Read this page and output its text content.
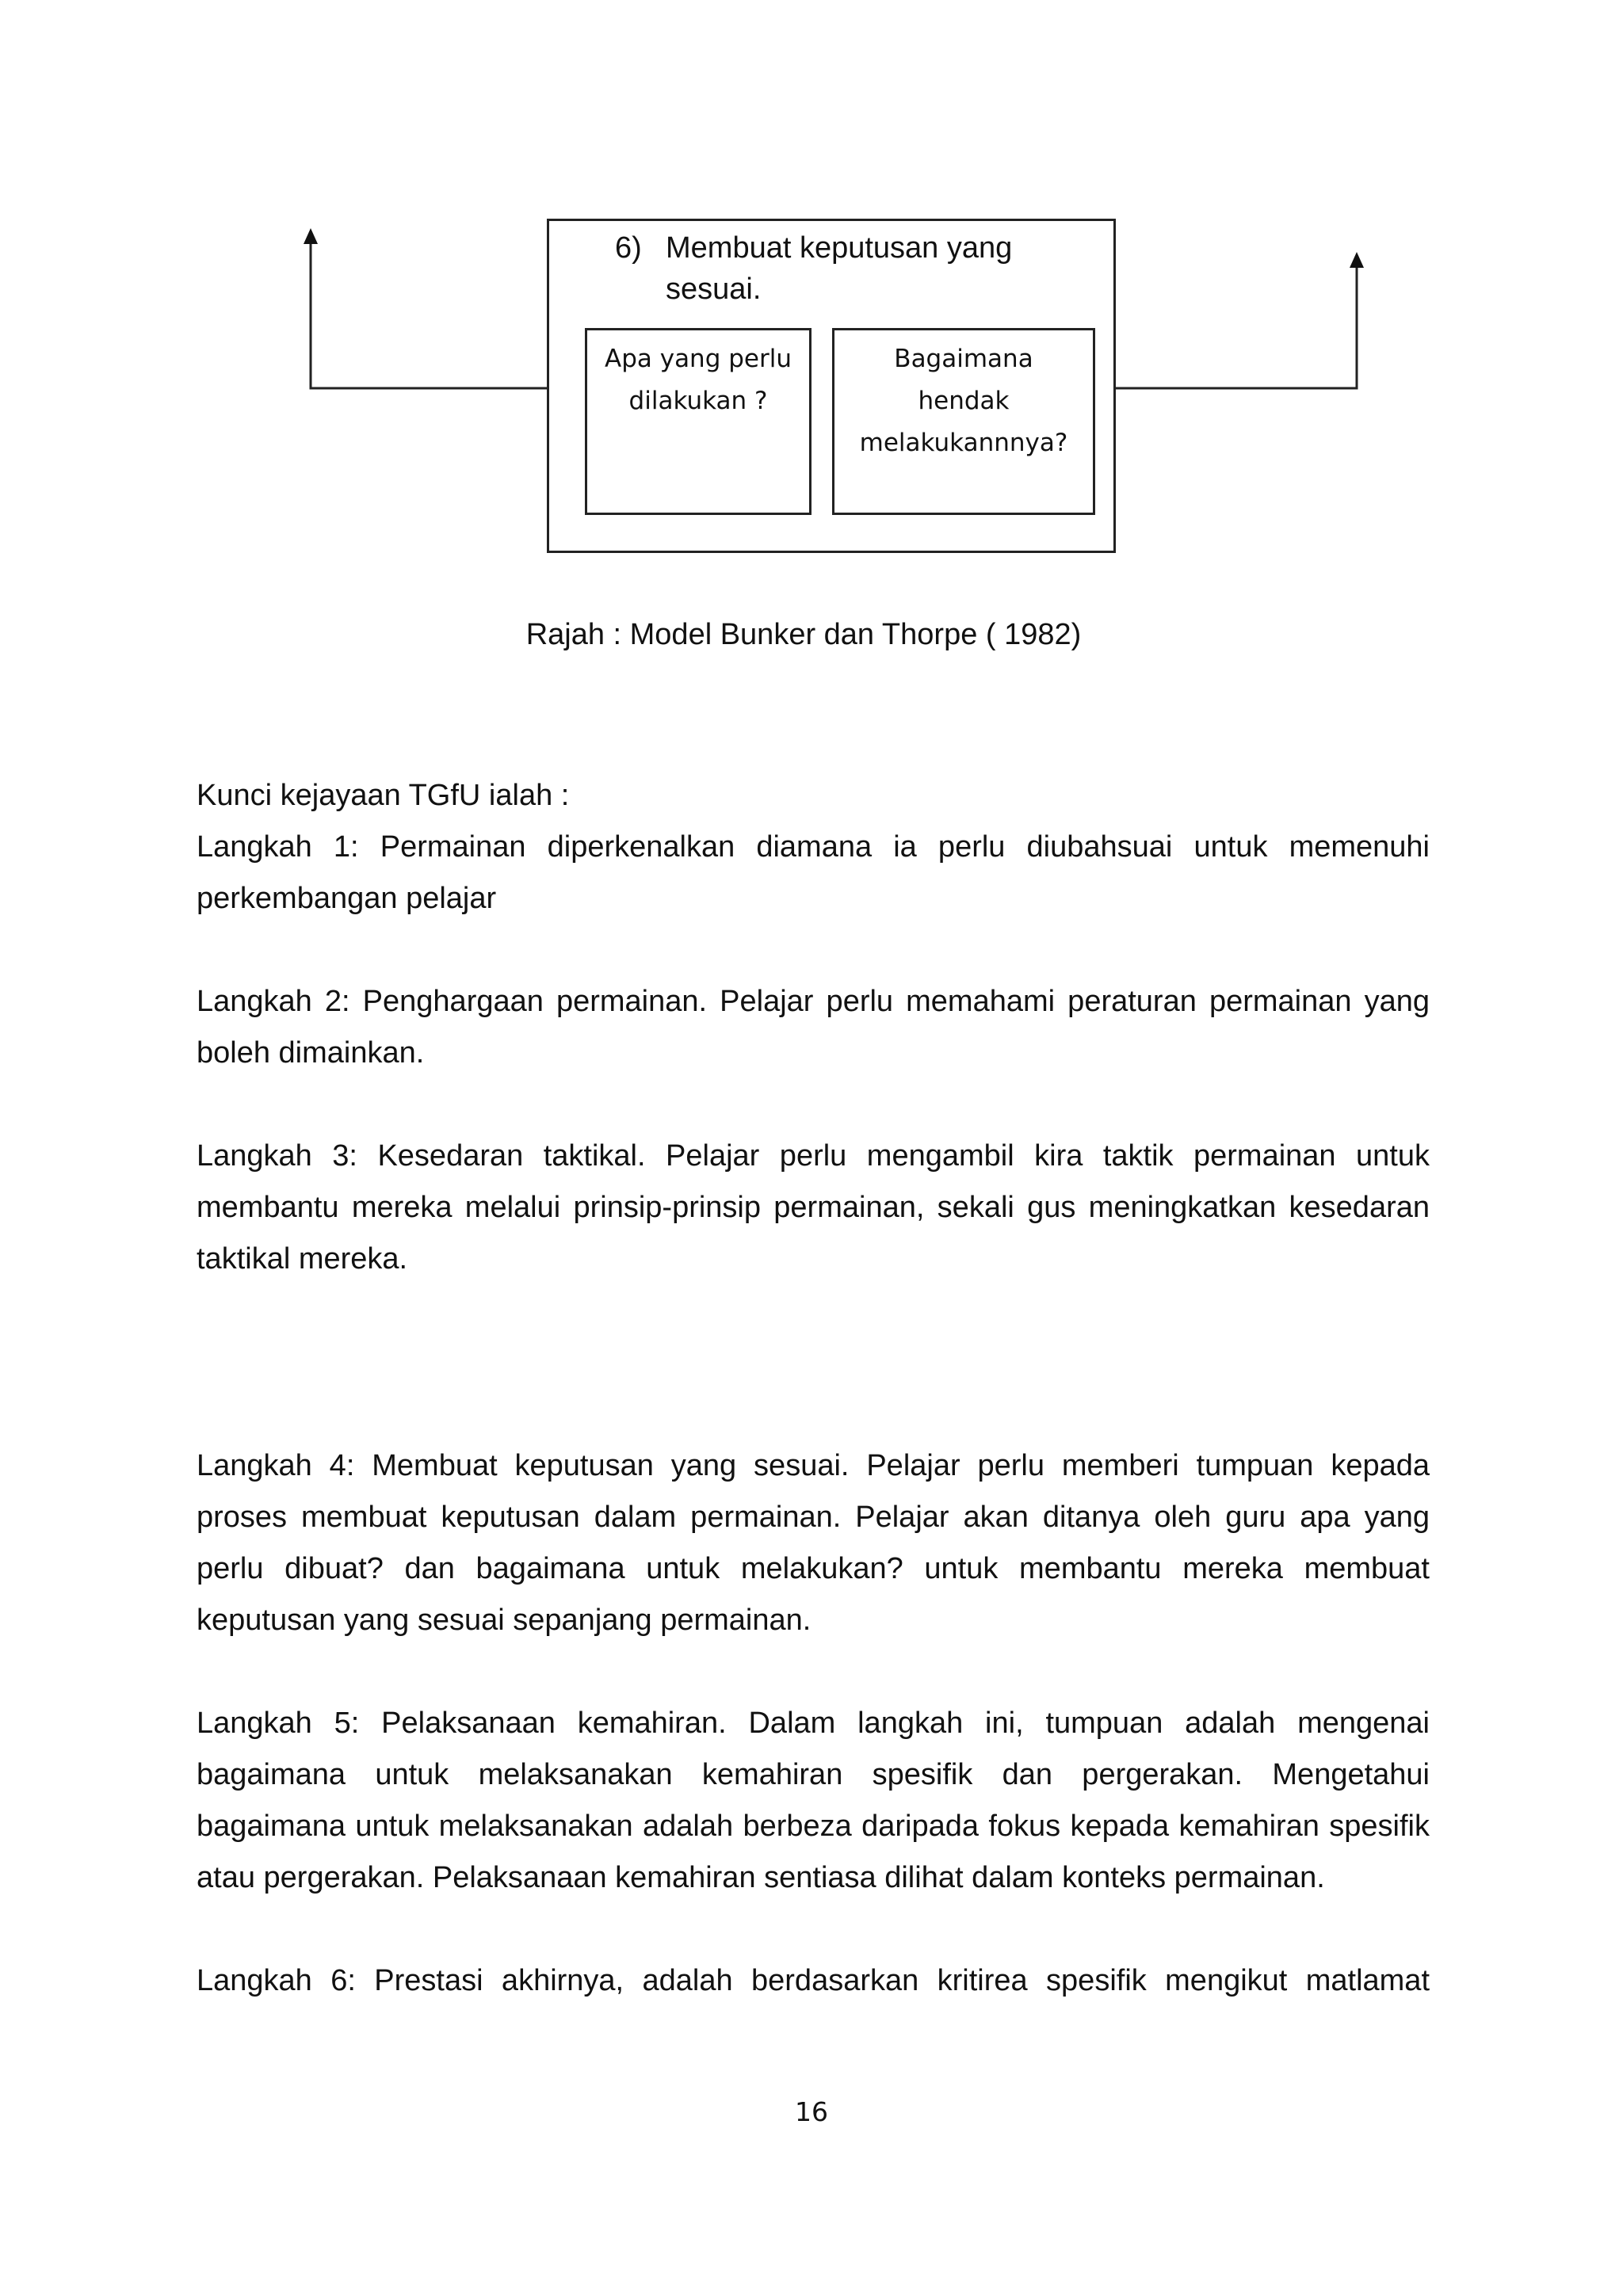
6) Membuat keputusan yang sesuai.
Apa yang perlu dilakukan ?
Bagaimana hendak melakukannnya?
Rajah : Model Bunker dan Thorpe ( 1982)

Kunci kejayaan TGfU ialah :

Langkah 1: Permainan diperkenalkan diamana ia perlu diubahsuai untuk memenuhi perkembangan pelajar

Langkah 2: Penghargaan permainan. Pelajar perlu memahami peraturan permainan yang boleh dimainkan.

Langkah 3: Kesedaran taktikal. Pelajar perlu mengambil kira taktik permainan untuk membantu mereka melalui prinsip-prinsip permainan, sekali gus meningkatkan kesedaran taktikal mereka.

Langkah 4: Membuat keputusan yang sesuai. Pelajar perlu memberi tumpuan kepada proses membuat keputusan dalam permainan. Pelajar akan ditanya oleh guru apa yang perlu dibuat? dan bagaimana untuk melakukan? untuk membantu mereka membuat keputusan yang sesuai sepanjang permainan.

Langkah 5: Pelaksanaan kemahiran. Dalam langkah ini, tumpuan adalah mengenai bagaimana untuk melaksanakan kemahiran spesifik dan pergerakan. Mengetahui bagaimana untuk melaksanakan adalah berbeza daripada fokus kepada kemahiran spesifik atau pergerakan. Pelaksanaan kemahiran sentiasa dilihat dalam konteks permainan.

Langkah 6: Prestasi akhirnya, adalah berdasarkan kritirea spesifik mengikut matlamat

16
